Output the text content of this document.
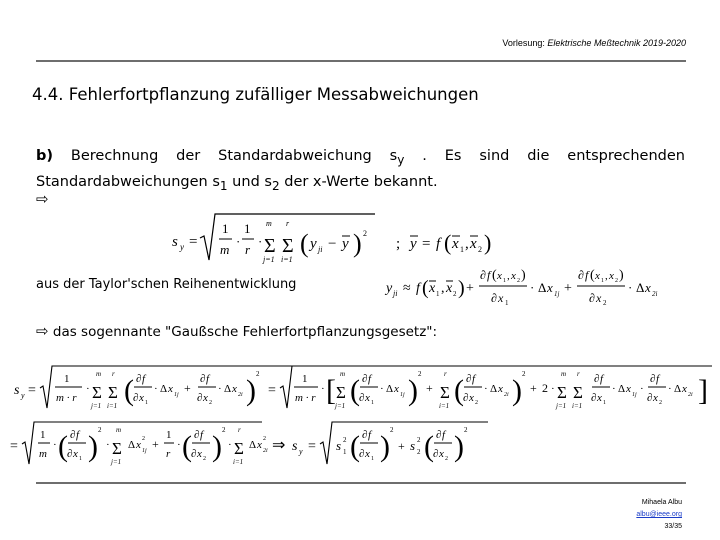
Vorlesung: Elektrische Meßtechnik 2019-2020
4.4. Fehlerfortpflanzung zufälliger Messabweichungen
b) Berechnung der Standardabweichung $s_y$ . Es sind die entsprechenden Standardabweichungen $s_1$ und $s_2$ der x-Werte bekannt.
⇨
s y =
1
m
·
1
r
·
m
Σ
j=1
r
Σ
i=1
( y ji − y ) 2
; y = f ( x 1 , x 2 )
aus der Taylor'schen Reihenentwicklung	y ji ≈ f ( x 1 , x 2 ) +
∂ f ( x 1 , x 2 )
∂ x 1
· Δ x 1j +
∂ f ( x 1 , x 2 )
∂ x 2
· Δ x 2i
⇨ das sogennante "Gaußsche Fehlerfortpflanzungsgesetz":
s y =
1
m · r
·
m
Σ
j=1
r
Σ
i=1 ( ∂ f
∂ x 1
· Δ x 1j +
∂ f
∂ x 2
· Δ x 2i ) 2
=
1
m · r
· [ m
Σ
j=1 ( ∂ f
∂ x 1
· Δ x 1j ) 2
+
r
Σ
i=1 ( ∂ f
∂ x 2
· Δ x 2i ) 2
+ 2 ·
m
Σ
j=1
r
Σ
i=1
∂ f
∂ x 1
· Δ x 1j ·
∂ f
∂ x 2
· Δ x 2i ]
=
1
m
· ( ∂ f
∂ x 1 ) 2
·
m
Σ
j=1
Δ x 2
1j +
1
r
· ( ∂ f
∂ x 2 ) 2
·
r
Σ
i=1
Δ x 2
2i ⇒ s y = s 2
1 ( ∂ f
∂ x 1 ) 2
+ s 2
2 ( ∂ f
∂ x 2 ) 2
Mihaela Albu
albu@ieee.org
33/35
